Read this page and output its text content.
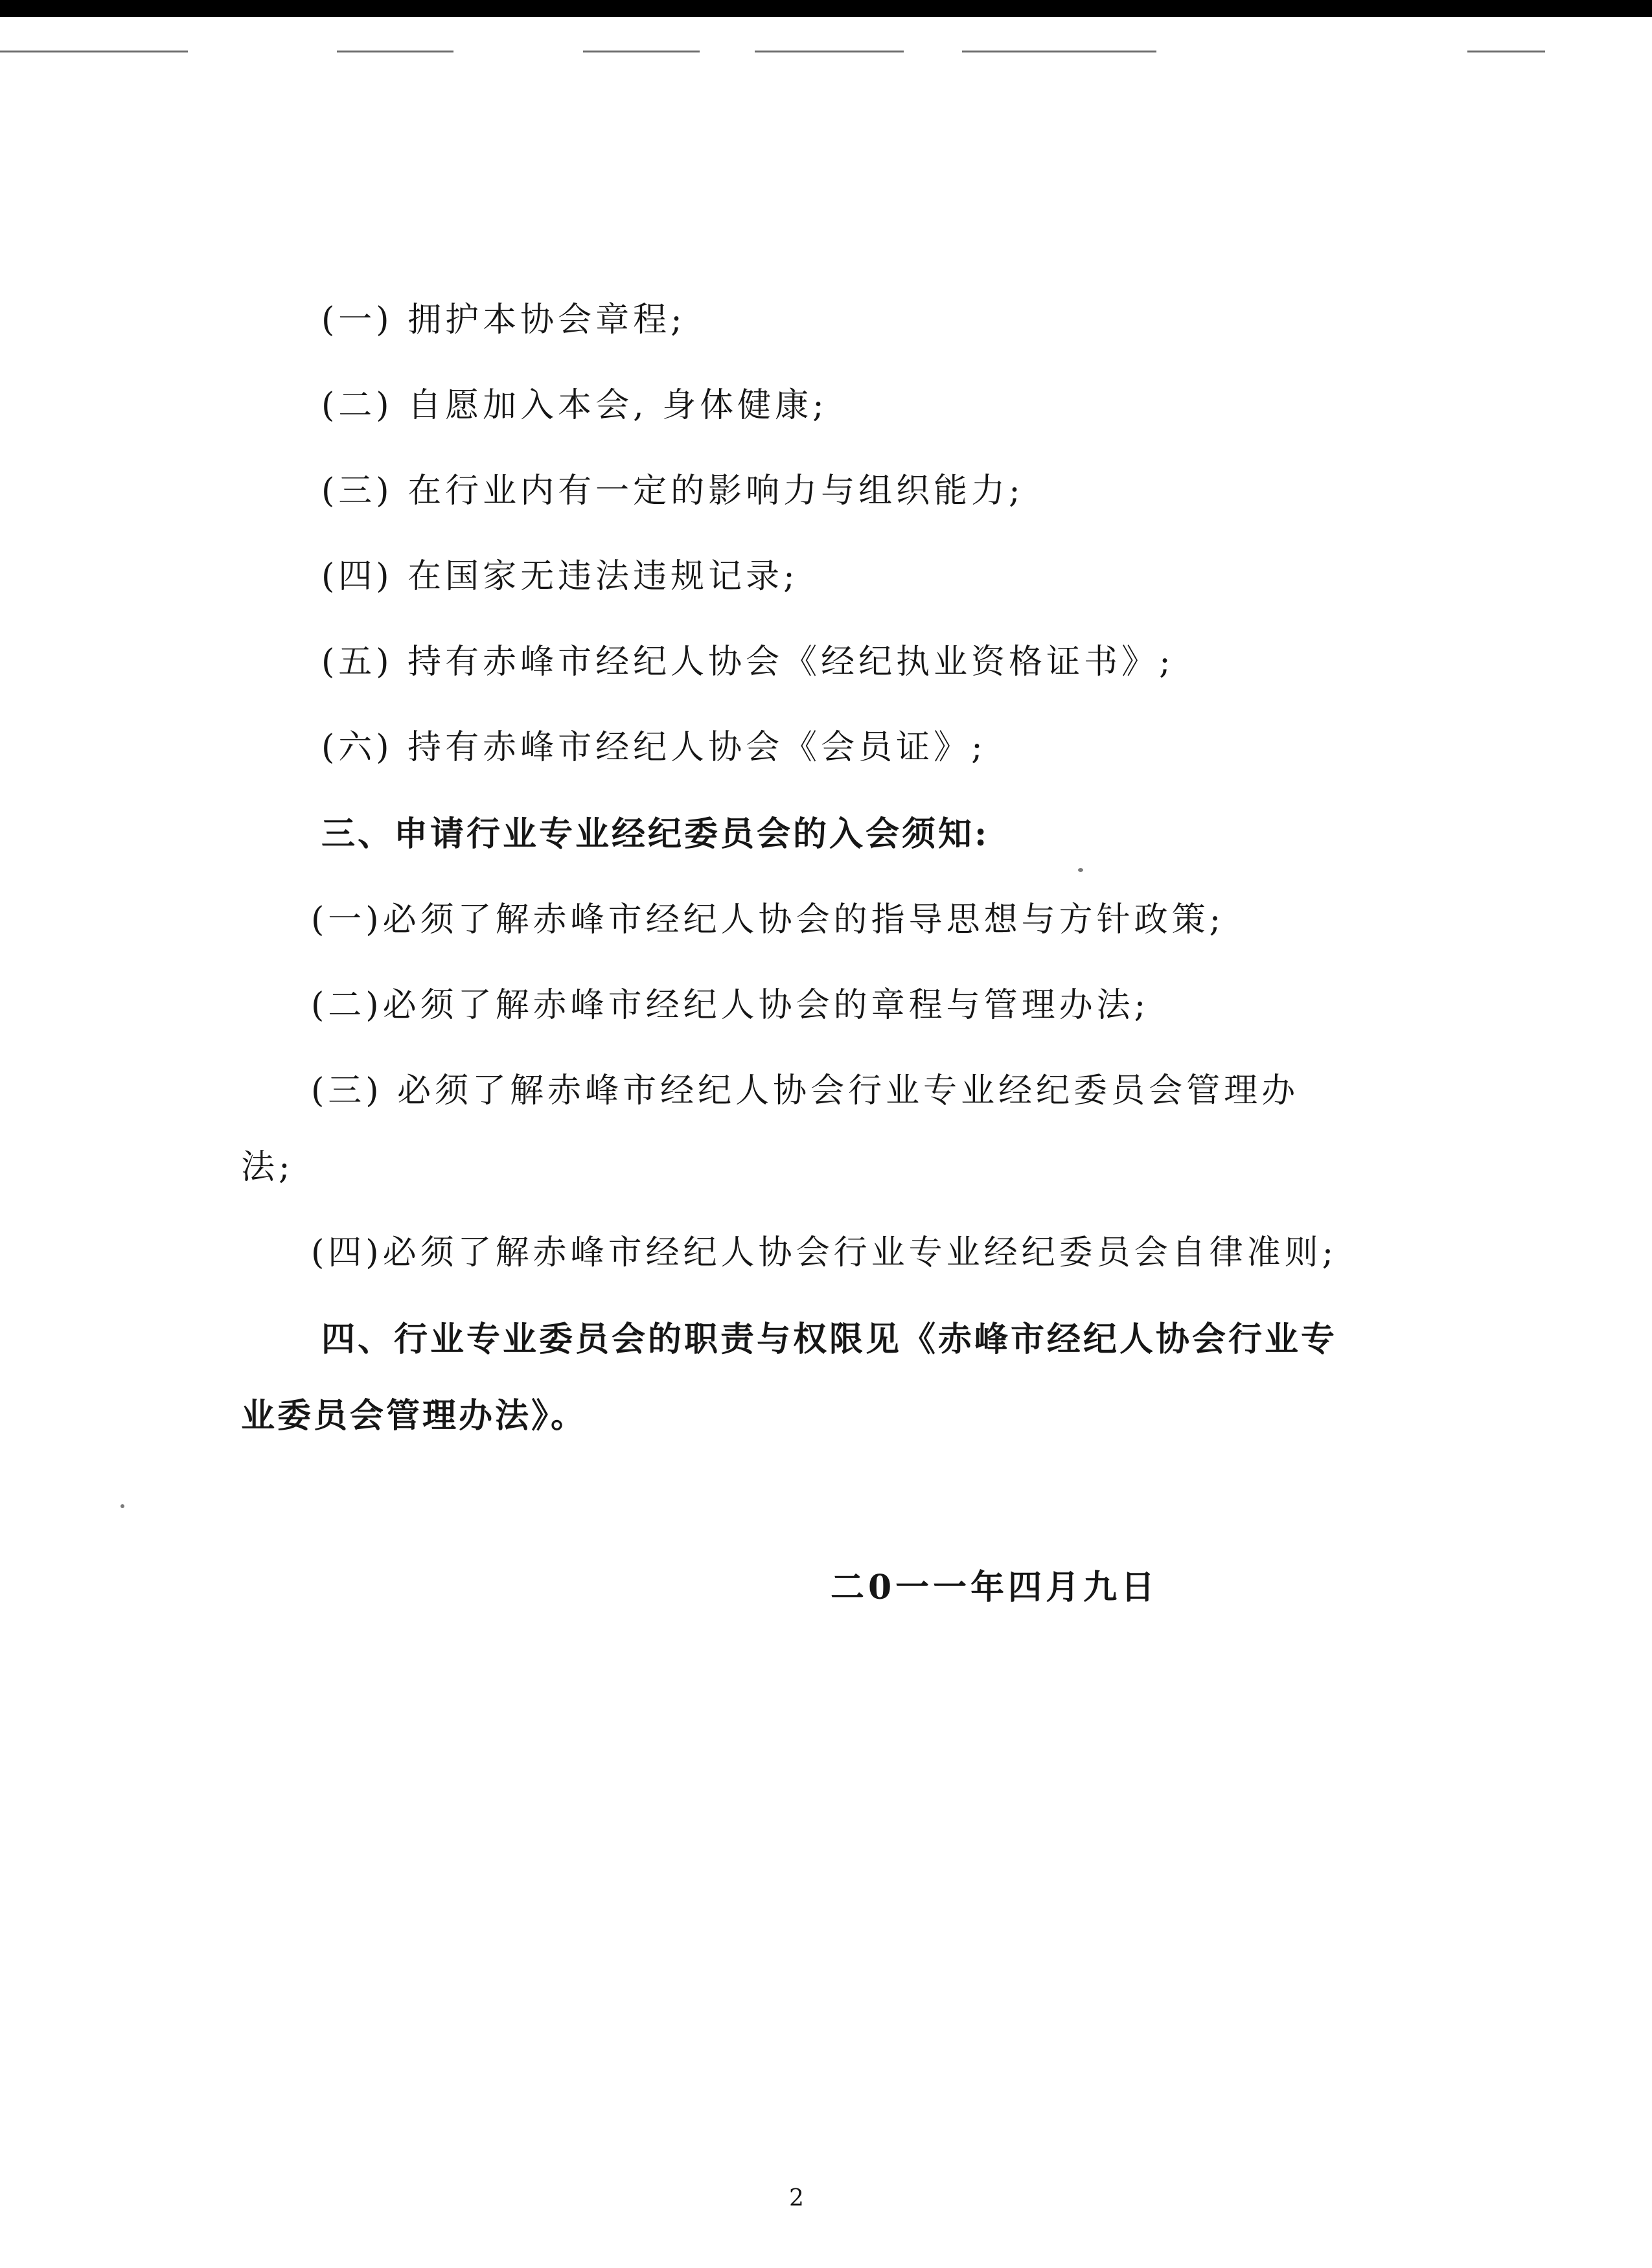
(一) 拥护本协会章程;
(二) 自愿加入本会, 身体健康;
(三) 在行业内有一定的影响力与组织能力;
(四) 在国家无违法违规记录;
(五) 持有赤峰市经纪人协会《经纪执业资格证书》;
(六) 持有赤峰市经纪人协会《会员证》;
三、申请行业专业经纪委员会的入会须知:
(一)必须了解赤峰市经纪人协会的指导思想与方针政策;
(二)必须了解赤峰市经纪人协会的章程与管理办法;
(三) 必须了解赤峰市经纪人协会行业专业经纪委员会管理办
法;
(四)必须了解赤峰市经纪人协会行业专业经纪委员会自律准则;
四、行业专业委员会的职责与权限见《赤峰市经纪人协会行业专
业委员会管理办法》。
二0一一年四月九日
2
